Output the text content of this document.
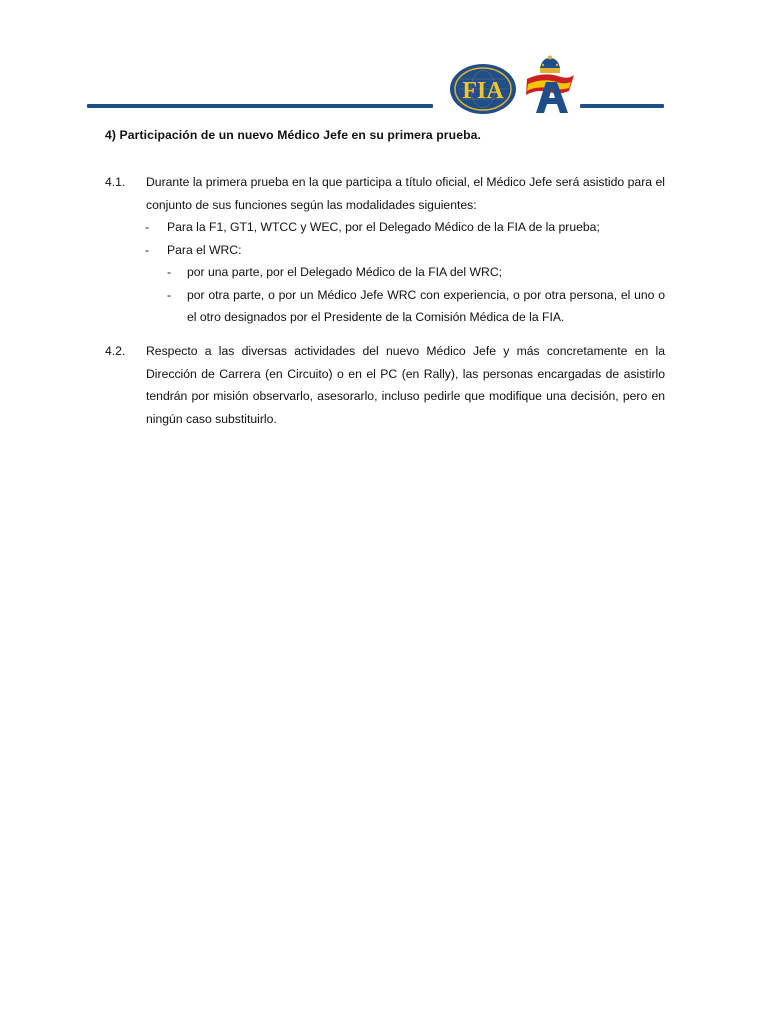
FIA
4) Participación de un nuevo Médico Jefe en su primera prueba.
4.1. Durante la primera prueba en la que participa a título oficial, el Médico Jefe será asistido para el conjunto de sus funciones según las modalidades siguientes:
- Para la F1, GT1, WTCC y WEC, por el Delegado Médico de la FIA de la prueba;
- Para el WRC:
- por una parte, por el Delegado Médico de la FIA del WRC;
- por otra parte, o por un Médico Jefe WRC con experiencia, o por otra persona, el uno o el otro designados por el Presidente de la Comisión Médica de la FIA.
4.2. Respecto a las diversas actividades del nuevo Médico Jefe y más concretamente en la Dirección de Carrera (en Circuito) o en el PC (en Rally), las personas encargadas de asistirlo tendrán por misión observarlo, asesorarlo, incluso pedirle que modifique una decisión, pero en ningún caso substituirlo.
